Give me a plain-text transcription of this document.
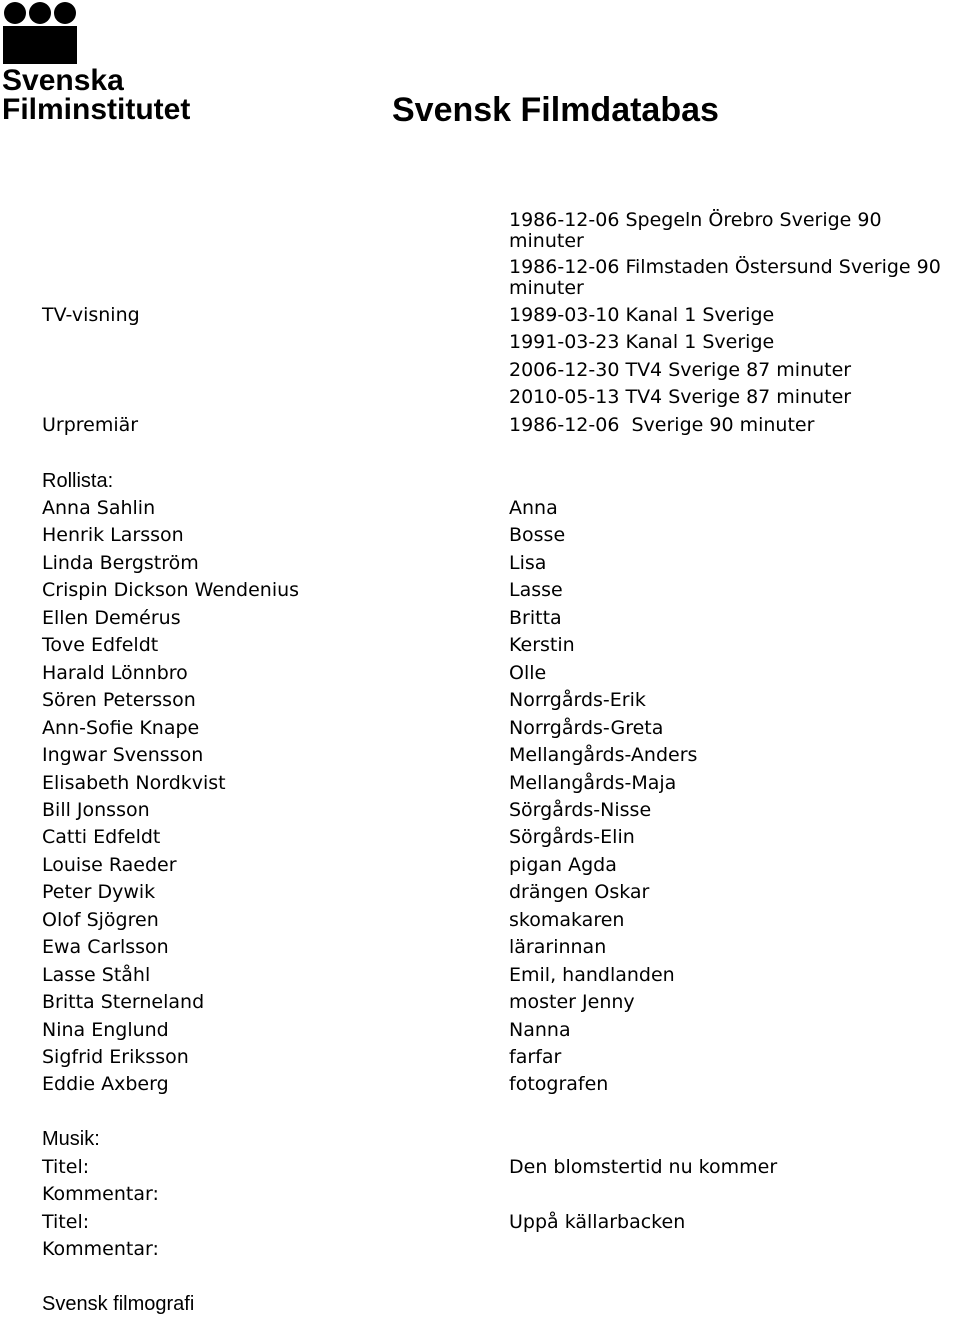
Svenska
Filminstitutet	Svensk Filmdatabas
1986-12-06 Spegeln Örebro Sverige 90 minuter
1986-12-06 Filmstaden Östersund Sverige 90 minuter
TV-visning	1989-03-10 Kanal 1 Sverige
1991-03-23 Kanal 1 Sverige
2006-12-30 TV4 Sverige 87 minuter
2010-05-13 TV4 Sverige 87 minuter
Urpremiär	1986-12-06  Sverige 90 minuter
Rollista:
Anna Sahlin	Anna
Henrik Larsson	Bosse
Linda Bergström	Lisa
Crispin Dickson Wendenius	Lasse
Ellen Demérus	Britta
Tove Edfeldt	Kerstin
Harald Lönnbro	Olle
Sören Petersson	Norrgårds-Erik
Ann-Sofie Knape	Norrgårds-Greta
Ingwar Svensson	Mellangårds-Anders
Elisabeth Nordkvist	Mellangårds-Maja
Bill Jonsson	Sörgårds-Nisse
Catti Edfeldt	Sörgårds-Elin
Louise Raeder	pigan Agda
Peter Dywik	drängen Oskar
Olof Sjögren	skomakaren
Ewa Carlsson	lärarinnan
Lasse Ståhl	Emil, handlanden
Britta Sterneland	moster Jenny
Nina Englund	Nanna
Sigfrid Eriksson	farfar
Eddie Axberg	fotografen
Musik:
Titel:	Den blomstertid nu kommer
Kommentar:
Titel:	Uppå källarbacken
Kommentar:
Svensk filmografi
